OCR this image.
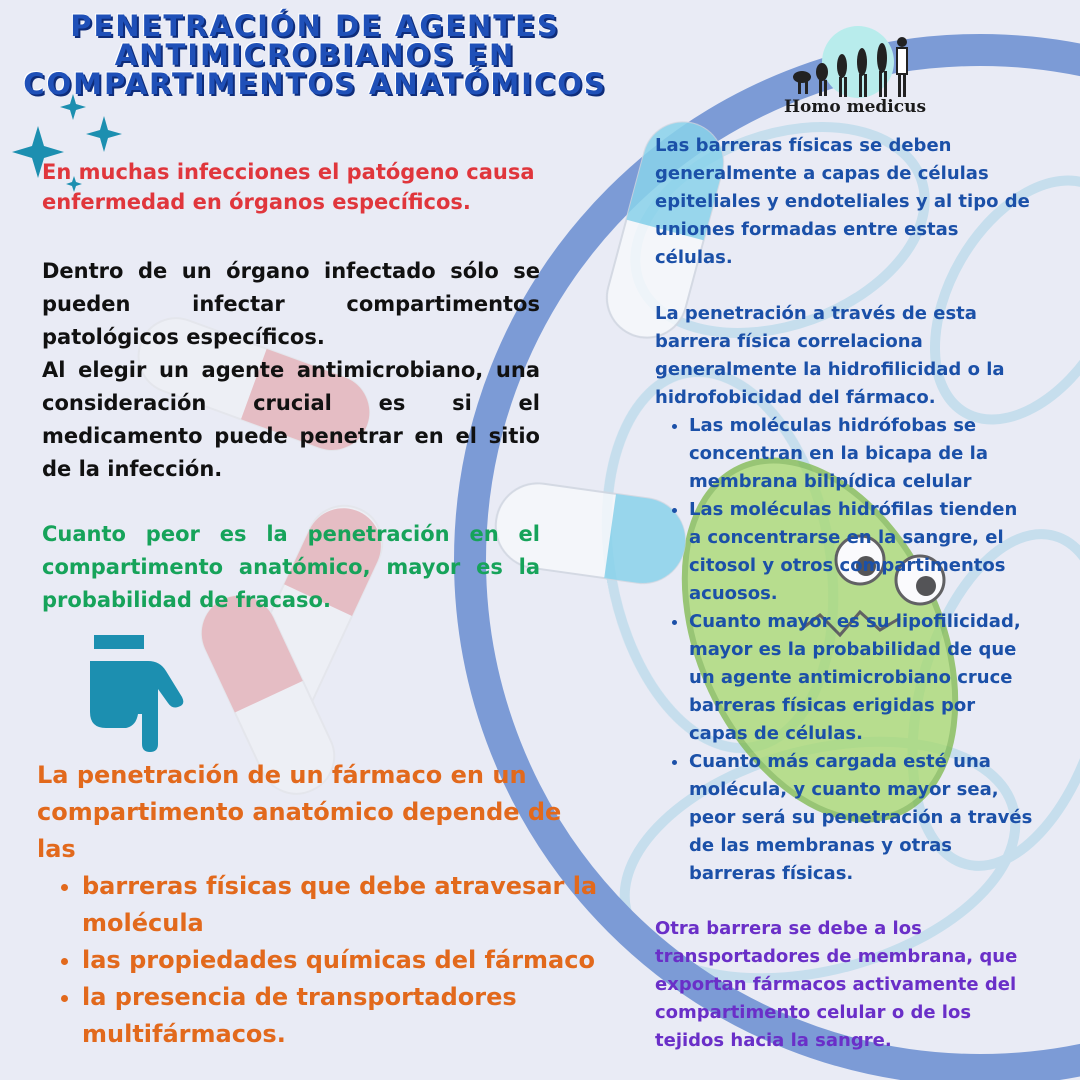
Homo medicus
PENETRACIÓN DE AGENTES
ANTIMICROBIANOS EN
COMPARTIMENTOS ANATÓMICOS
En muchas infecciones el patógeno causa enfermedad en órganos específicos.

Dentro de un órgano infectado sólo se pueden infectar compartimentos patológicos específicos.

Al elegir un agente antimicrobiano, una consideración crucial es si el medicamento puede penetrar en el sitio de la infección.

Cuanto peor es la penetración en el compartimento anatómico, mayor es la probabilidad de fracaso.
La penetración de un fármaco en un compartimento anatómico depende de las
• barreras físicas que debe atravesar la molécula
• las propiedades químicas del fármaco
• la presencia de transportadores multifármacos.

Las barreras físicas se deben generalmente a capas de células epiteliales y endoteliales y al tipo de uniones formadas entre estas células.

La penetración a través de esta barrera física correlaciona generalmente la hidrofilicidad o la hidrofobicidad del fármaco.

• Las moléculas hidrófobas se concentran en la bicapa de la membrana bilipídica celular
• Las moléculas hidrófilas tienden a concentrarse en la sangre, el citosol y otros compartimentos acuosos.
• Cuanto mayor es su lipofilicidad, mayor es la probabilidad de que un agente antimicrobiano cruce barreras físicas erigidas por capas de células.
• Cuanto más cargada esté una molécula, y cuanto mayor sea, peor será su penetración a través de las membranas y otras barreras físicas.
Otra barrera se debe a los transportadores de membrana, que exportan fármacos activamente del compartimento celular o de los tejidos hacia la sangre.
